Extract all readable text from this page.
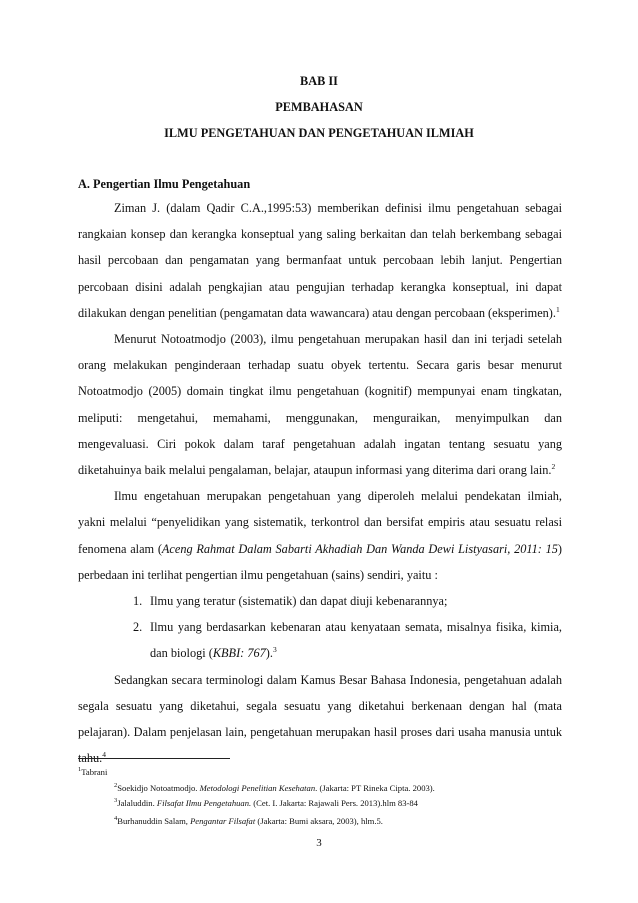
BAB II
PEMBAHASAN
ILMU PENGETAHUAN DAN PENGETAHUAN ILMIAH
A. Pengertian Ilmu Pengetahuan

Ziman J. (dalam Qadir C.A.,1995:53) memberikan definisi ilmu pengetahuan sebagai rangkaian konsep dan kerangka konseptual yang saling berkaitan dan telah berkembang sebagai hasil percobaan dan pengamatan yang bermanfaat untuk percobaan lebih lanjut. Pengertian percobaan disini adalah pengkajian atau pengujian terhadap kerangka konseptual, ini dapat dilakukan dengan penelitian (pengamatan data wawancara) atau dengan percobaan (eksperimen).$^1$

Menurut Notoatmodjo (2003), ilmu pengetahuan merupakan hasil dan ini terjadi setelah orang melakukan penginderaan terhadap suatu obyek tertentu. Secara garis besar menurut Notoatmodjo (2005) domain tingkat ilmu pengetahuan (kognitif) mempunyai enam tingkatan, meliputi: mengetahui, memahami, menggunakan, menguraikan, menyimpulkan dan mengevaluasi. Ciri pokok dalam taraf pengetahuan adalah ingatan tentang sesuatu yang diketahuinya baik melalui pengalaman, belajar, ataupun informasi yang diterima dari orang lain.$^2$

Ilmu engetahuan merupakan pengetahuan yang diperoleh melalui pendekatan ilmiah, yakni melalui “penyelidikan yang sistematik, terkontrol dan bersifat empiris atau sesuatu relasi fenomena alam (Aceng Rahmat Dalam Sabarti Akhadiah Dan Wanda Dewi Listyasari, 2011: 15) perbedaan ini terlihat pengertian ilmu pengetahuan (sains) sendiri, yaitu :

1. Ilmu yang teratur (sistematik) dan dapat diuji kebenarannya;
2. Ilmu yang berdasarkan kebenaran atau kenyataan semata, misalnya fisika, kimia, dan biologi (KBBI: 767).$^3$

Sedangkan secara terminologi dalam Kamus Besar Bahasa Indonesia, pengetahuan adalah segala sesuatu yang diketahui, segala sesuatu yang diketahui berkenaan dengan hal (mata pelajaran). Dalam penjelasan lain, pengetahuan merupakan hasil proses dari usaha manusia untuk tahu.$^4$

$^1$Tabrani
$^2$Soekidjo Notoatmodjo. Metodologi Penelitian Kesehatan. (Jakarta: PT Rineka Cipta. 2003).
$^3$Jalaluddin. Filsafat Ilmu Pengetahuan. (Cet. I. Jakarta: Rajawali Pers. 2013).hlm 83-84
$^4$Burhanuddin Salam, Pengantar Filsafat (Jakarta: Bumi aksara, 2003), hlm.5.
3
